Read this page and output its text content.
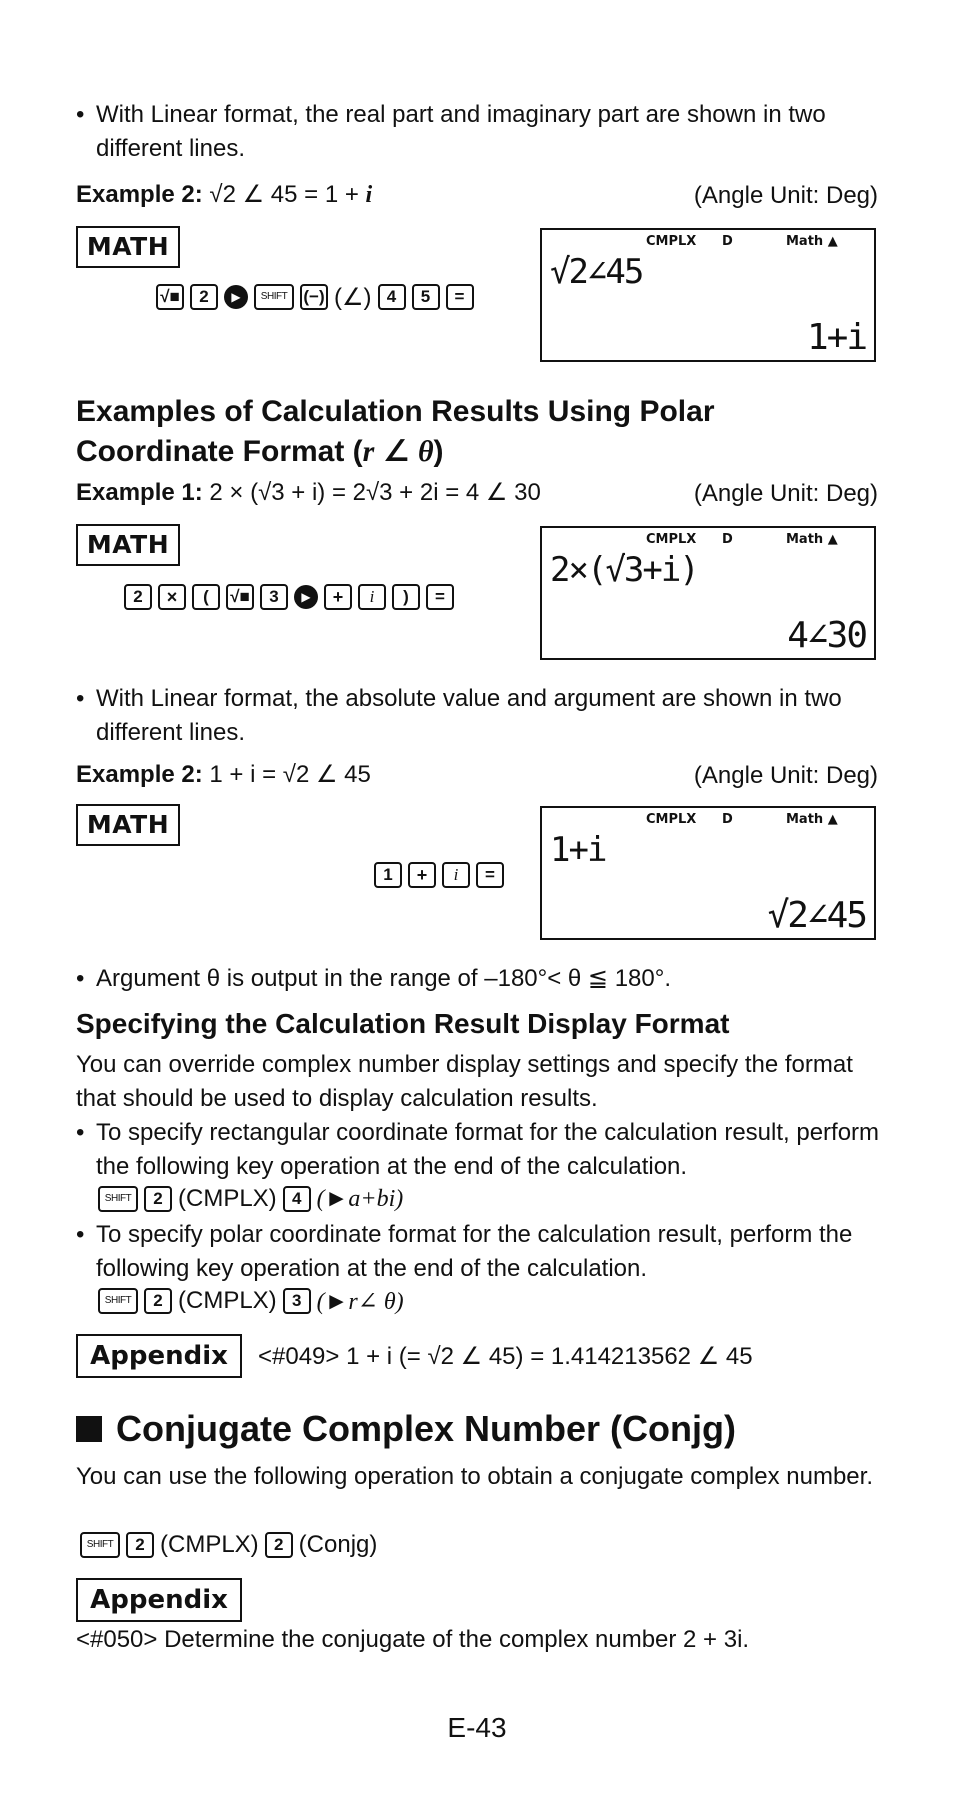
• With Linear format, the real part and imaginary part are shown in two different lines.
Example 2: √2 ∠ 45 = 1 + i	(Angle Unit: Deg)
MATH
√■	2	▶	SHIFT (−) (∠) 4	5	=
CMPLX D	Math ▲
√2∠45
1+i
Examples of Calculation Results Using Polar Coordinate Format (r ∠ θ)
Example 1: 2 × (√3 + i) = 2√3 + 2i = 4 ∠ 30	(Angle Unit: Deg)
MATH
2	×	(	√■	3	▶	+	i	)	=
CMPLX D	Math ▲
2×(√3+i)
4∠30
• With Linear format, the absolute value and argument are shown in two different lines.
Example 2: 1 + i = √2 ∠ 45	(Angle Unit: Deg)
MATH
1	+	i	=
CMPLX D	Math ▲
1+i
√2∠45
• Argument θ is output in the range of –180°< θ ≦ 180°.
Specifying the Calculation Result Display Format
You can override complex number display settings and specify the format that should be used to display calculation results.
• To specify rectangular coordinate format for the calculation result, perform the following key operation at the end of the calculation.
SHIFT	2 (CMPLX) 4 (►a+bi)
• To specify polar coordinate format for the calculation result, perform the following key operation at the end of the calculation.
SHIFT	2 (CMPLX) 3 (►r∠ θ)
Appendix	<#049> 1 + i (= √2 ∠ 45) = 1.414213562 ∠ 45
Conjugate Complex Number (Conjg)
You can use the following operation to obtain a conjugate complex number.
SHIFT	2 (CMPLX) 2 (Conjg)
Appendix
<#050> Determine the conjugate of the complex number 2 + 3i.
E-43
